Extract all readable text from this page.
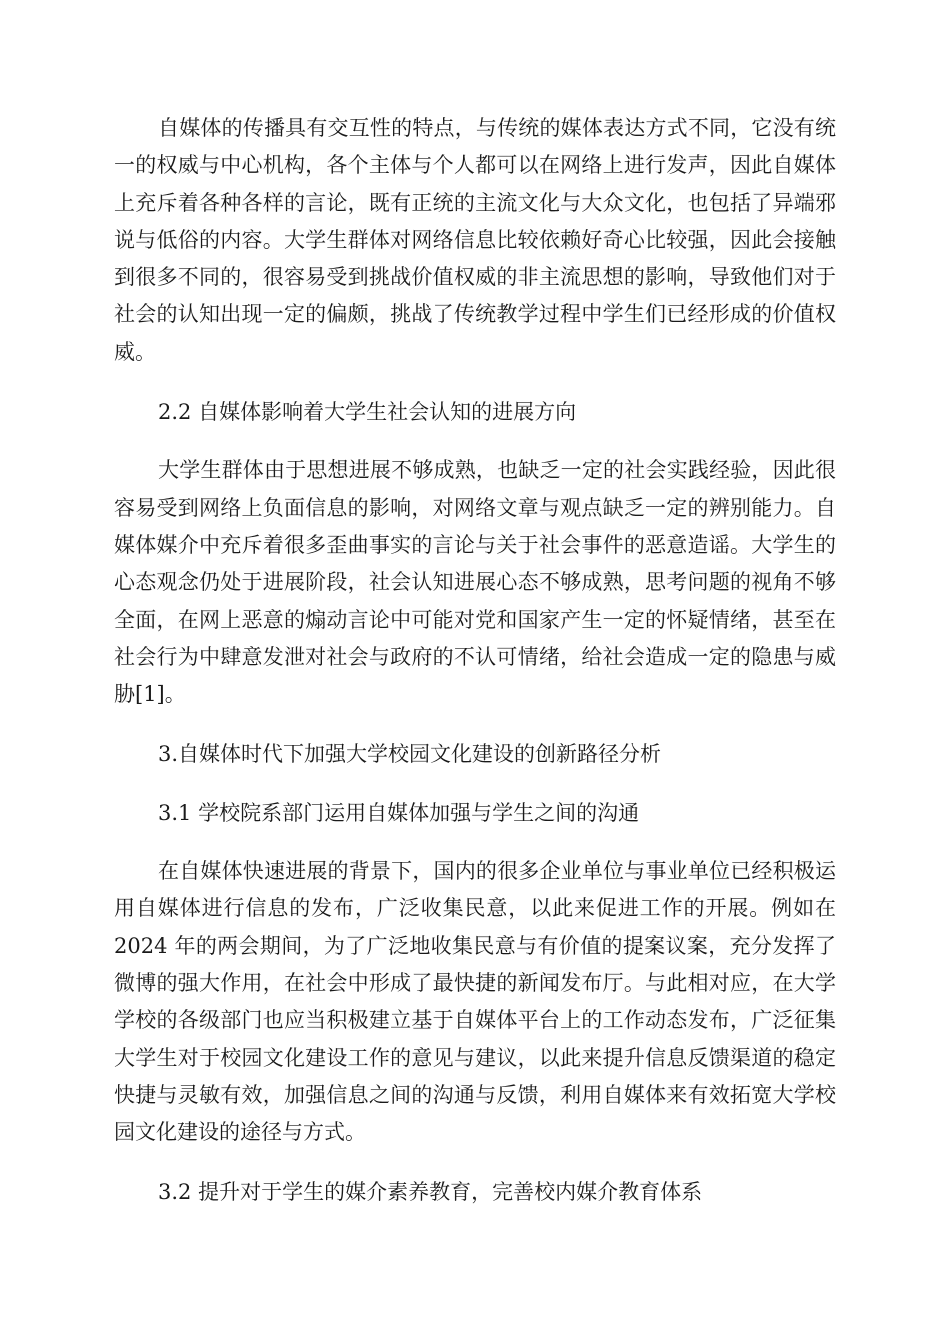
自媒体的传播具有交互性的特点，与传统的媒体表达方式不同，它没有统一的权威与中心机构，各个主体与个人都可以在网络上进行发声，因此自媒体上充斥着各种各样的言论，既有正统的主流文化与大众文化，也包括了异端邪说与低俗的内容。大学生群体对网络信息比较依赖好奇心比较强，因此会接触到很多不同的，很容易受到挑战价值权威的非主流思想的影响，导致他们对于社会的认知出现一定的偏颇，挑战了传统教学过程中学生们已经形成的价值权威。

2.2 自媒体影响着大学生社会认知的进展方向

大学生群体由于思想进展不够成熟，也缺乏一定的社会实践经验，因此很容易受到网络上负面信息的影响，对网络文章与观点缺乏一定的辨别能力。自媒体媒介中充斥着很多歪曲事实的言论与关于社会事件的恶意造谣。大学生的心态观念仍处于进展阶段，社会认知进展心态不够成熟，思考问题的视角不够全面，在网上恶意的煽动言论中可能对党和国家产生一定的怀疑情绪，甚至在社会行为中肆意发泄对社会与政府的不认可情绪，给社会造成一定的隐患与威胁[1]。

3.自媒体时代下加强大学校园文化建设的创新路径分析

3.1 学校院系部门运用自媒体加强与学生之间的沟通

在自媒体快速进展的背景下，国内的很多企业单位与事业单位已经积极运用自媒体进行信息的发布，广泛收集民意，以此来促进工作的开展。例如在 2024 年的两会期间，为了广泛地收集民意与有价值的提案议案，充分发挥了微博的强大作用，在社会中形成了最快捷的新闻发布厅。与此相对应，在大学学校的各级部门也应当积极建立基于自媒体平台上的工作动态发布，广泛征集大学生对于校园文化建设工作的意见与建议，以此来提升信息反馈渠道的稳定快捷与灵敏有效，加强信息之间的沟通与反馈，利用自媒体来有效拓宽大学校园文化建设的途径与方式。

3.2 提升对于学生的媒介素养教育，完善校内媒介教育体系
